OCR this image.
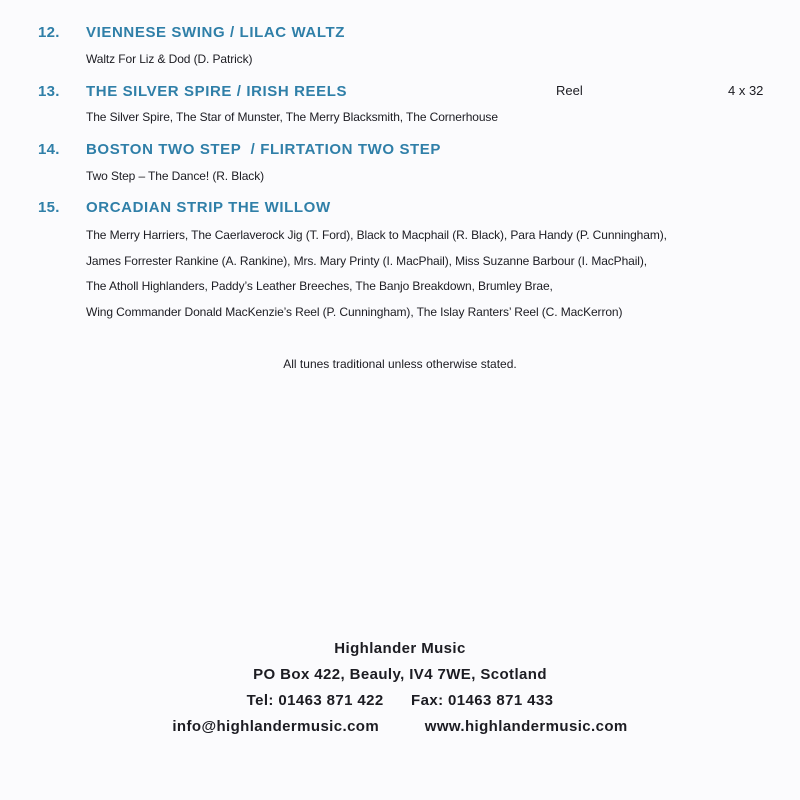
12. VIENNESE SWING / LILAC WALTZ
Waltz For Liz & Dod (D. Patrick)
13. THE SILVER SPIRE / IRISH REELS	Reel	4 x 32
The Silver Spire, The Star of Munster, The Merry Blacksmith, The Cornerhouse
14. BOSTON TWO STEP  / FLIRTATION TWO STEP
Two Step – The Dance! (R. Black)
15. ORCADIAN STRIP THE WILLOW
The Merry Harriers, The Caerlaverock Jig (T. Ford), Black to Macphail (R. Black), Para Handy (P. Cunningham),
James Forrester Rankine (A. Rankine), Mrs. Mary Printy (I. MacPhail), Miss Suzanne Barbour (I. MacPhail),
The Atholl Highlanders, Paddy’s Leather Breeches, The Banjo Breakdown, Brumley Brae,
Wing Commander Donald MacKenzie’s Reel (P. Cunningham), The Islay Ranters’ Reel (C. MacKerron)
All tunes traditional unless otherwise stated.
Highlander Music
PO Box 422, Beauly, IV4 7WE, Scotland
Tel: 01463 871 422      Fax: 01463 871 433
info@highlandermusic.com          www.highlandermusic.com
